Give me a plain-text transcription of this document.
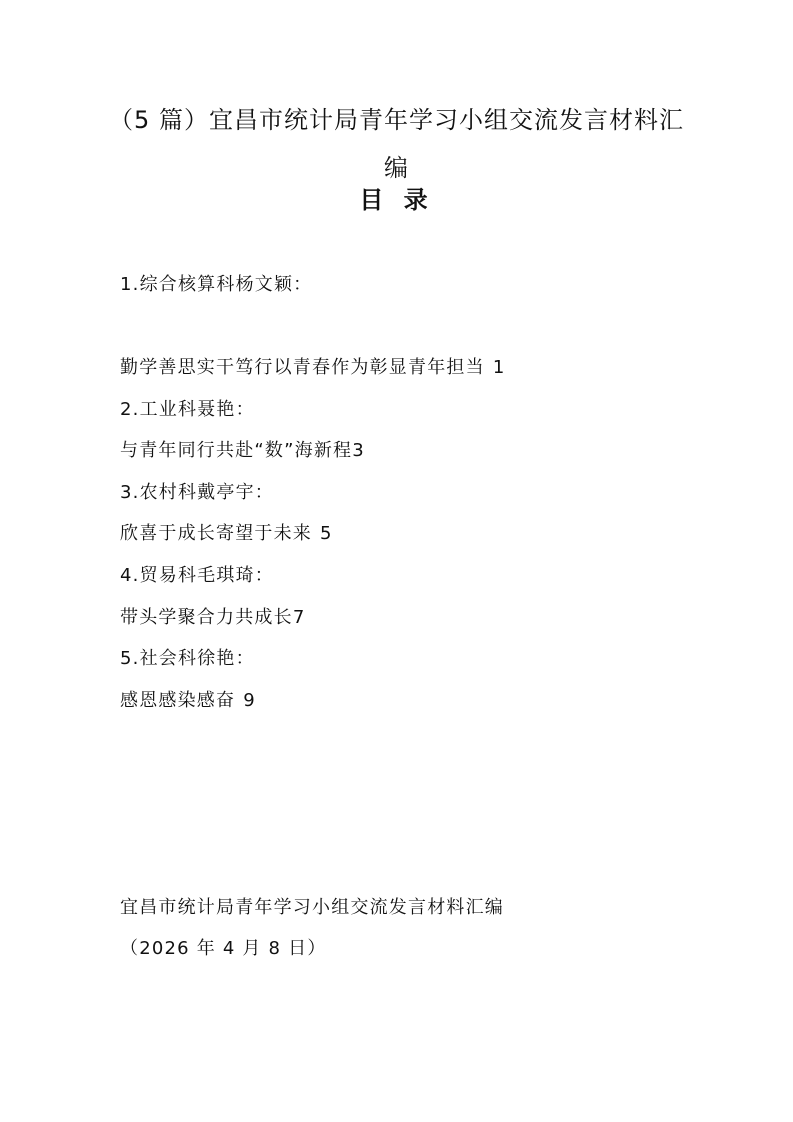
（5 篇）宜昌市统计局青年学习小组交流发言材料汇编
目 录
1.综合核算科杨文颖：
勤学善思实干笃行以青春作为彰显青年担当 1
2.工业科聂艳：
与青年同行共赴“数”海新程3
3.农村科戴亭宇：
欣喜于成长寄望于未来 5
4.贸易科毛琪琦：
带头学聚合力共成长7
5.社会科徐艳：
感恩感染感奋 9
宜昌市统计局青年学习小组交流发言材料汇编
（2026 年 4 月 8 日）
